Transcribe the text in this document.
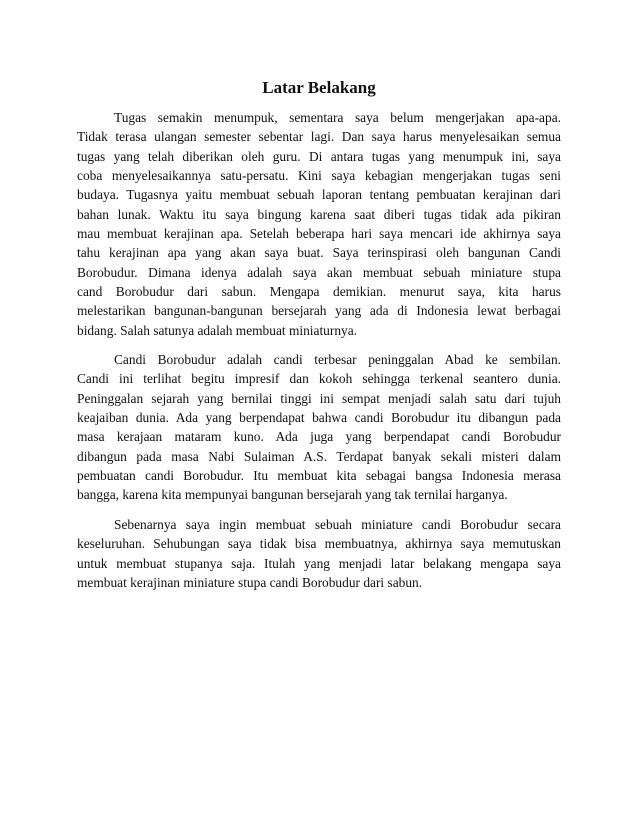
Latar Belakang

Tugas semakin menumpuk, sementara saya belum mengerjakan apa-apa.
Tidak terasa ulangan semester sebentar lagi. Dan saya harus menyelesaikan semua
tugas yang telah diberikan oleh guru. Di antara tugas yang menumpuk ini, saya
coba menyelesaikannya satu-persatu. Kini saya kebagian mengerjakan tugas seni
budaya. Tugasnya yaitu membuat sebuah laporan tentang pembuatan kerajinan dari
bahan lunak. Waktu itu saya bingung karena saat diberi tugas tidak ada pikiran
mau membuat kerajinan apa. Setelah beberapa hari saya mencari ide akhirnya saya
tahu kerajinan apa yang akan saya buat. Saya terinspirasi oleh bangunan Candi
Borobudur. Dimana idenya adalah saya akan membuat sebuah miniature stupa
cand Borobudur dari sabun. Mengapa demikian. menurut saya, kita harus
melestarikan bangunan-bangunan bersejarah yang ada di Indonesia lewat berbagai
bidang. Salah satunya adalah membuat miniaturnya.

Candi Borobudur adalah candi terbesar peninggalan Abad ke sembilan.
Candi ini terlihat begitu impresif dan kokoh sehingga terkenal seantero dunia.
Peninggalan sejarah yang bernilai tinggi ini sempat menjadi salah satu dari tujuh
keajaiban dunia. Ada yang berpendapat bahwa candi Borobudur itu dibangun pada
masa kerajaan mataram kuno. Ada juga yang berpendapat candi Borobudur
dibangun pada masa Nabi Sulaiman A.S. Terdapat banyak sekali misteri dalam
pembuatan candi Borobudur. Itu membuat kita sebagai bangsa Indonesia merasa
bangga, karena kita mempunyai bangunan bersejarah yang tak ternilai harganya.

Sebenarnya saya ingin membuat sebuah miniature candi Borobudur secara
keseluruhan. Sehubungan saya tidak bisa membuatnya, akhirnya saya memutuskan
untuk membuat stupanya saja. Itulah yang menjadi latar belakang mengapa saya
membuat kerajinan miniature stupa candi Borobudur dari sabun.
